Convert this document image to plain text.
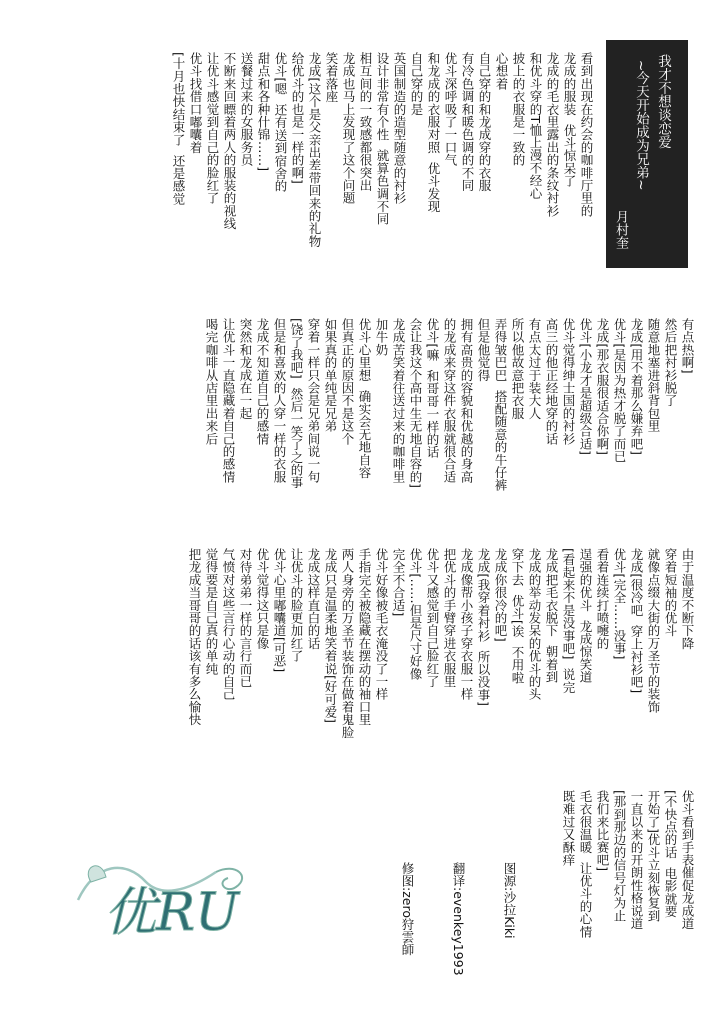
我才不想谈恋爱
~今天开始成为兄弟~
月村奎
看到出现在约会的咖啡厅里的
龙成的服装  优斗惊呆了
龙成的毛衣里露出的条纹衬衫
和优斗穿的T恤上漫不经心
披上的衣服是一致的
心想着
自己穿的和龙成穿的衣服
有冷色调和暖色调的不同
优斗深呼吸了一口气
和龙成的衣服对照  优斗发现
自己穿的是
英国制造的造型随意的衬衫
设计非常有个性  就算色调不同
相互间的一致感都很突出
龙成也马上发现了这个问题
笑着落座
龙成[这个是父亲出差带回来的礼物
给优斗的也是一样的啊]
优斗[嗯  还有送到宿舍的
甜点和各种什锦……]
送餐过来的女服务员
不断来回瞟着两人的服装的视线
让优斗感觉到自己的脸红了
优斗找借口嘟囔着
[十月也快结束了  还是感觉
有点热啊]
然后把衬衫脱了
随意地塞进斜背包里
龙成[用不着那么嫌弃吧]
优斗[是因为热才脱了而已
龙成[那衣服很适合你啊]
优斗[小龙才是超级合适]
优斗觉得绅士国的衬衫
高三的他正经地穿的话
有点太过于装大人
所以他故意把衣服
弄得皱巴巴  搭配随意的牛仔裤
但是他觉得
拥有高贵的容貌和优越的身高
的龙成来穿这件衣服就很合适
优斗[嘛  和哥哥一样的话
会让我这个高中生无地自容的]
龙成苦笑着往送过来的咖啡里
加牛奶
优斗心里想  确实会无地自容
但真正的原因不是这个
如果真的单纯是兄弟
穿着一样只会是兄弟间说一句
[饶了我吧]  然后一笑了之的事
但是和喜欢的人穿一样的衣服
龙成不知道自己的感情
突然和龙成在一起
让优斗一直隐藏着自己的感情
喝完咖啡从店里出来后
由于温度不断下降
穿着短袖的优斗
就像点缀大街的万圣节的装饰
龙成[很冷吧  穿上衬衫吧]
优斗[完全……没事]
看着连续打喷嚏的
逞强的优斗  龙成惊笑道
[看起来不是没事吧]  说完
龙成把毛衣脱下  朝着到
龙成的举动发呆的优斗的头
穿下去  优斗[诶  不用啦
龙成你很冷的吧]
龙成[我穿着衬衫  所以没事]
龙成像帮小孩子穿衣服一样
把优斗的手臂穿进衣服里
优斗又感觉到自己脸红了
优斗[……但是尺寸好像
完全不合适]
优斗好像被毛衣淹没了一样
手指完全被隐藏在摆动的袖口里
两人身旁的万圣节装饰在做着鬼脸
龙成只是温柔地笑着说[好可爱]
龙成这样直白的话
让优斗的脸更加红了
优斗心里嘟囔道[可恶]
优斗觉得这只是像
对待弟弟一样的言行而已
气愤对这些言行心动的自己
觉得要是自己真的单纯
把龙成当哥哥的话该有多么愉快
优斗看到手表催促龙成道
[不快点的话  电影就要
开始了]优斗立刻恢复到
一直以来的开朗性格说道
[那到那边的信号灯为止
我们来比赛吧]
毛衣很温暖  让优斗的心情
既难过又酥痒

图源:沙拉Kiki

翻译:evenkey1993

修图:zero狩雲師

优RU
